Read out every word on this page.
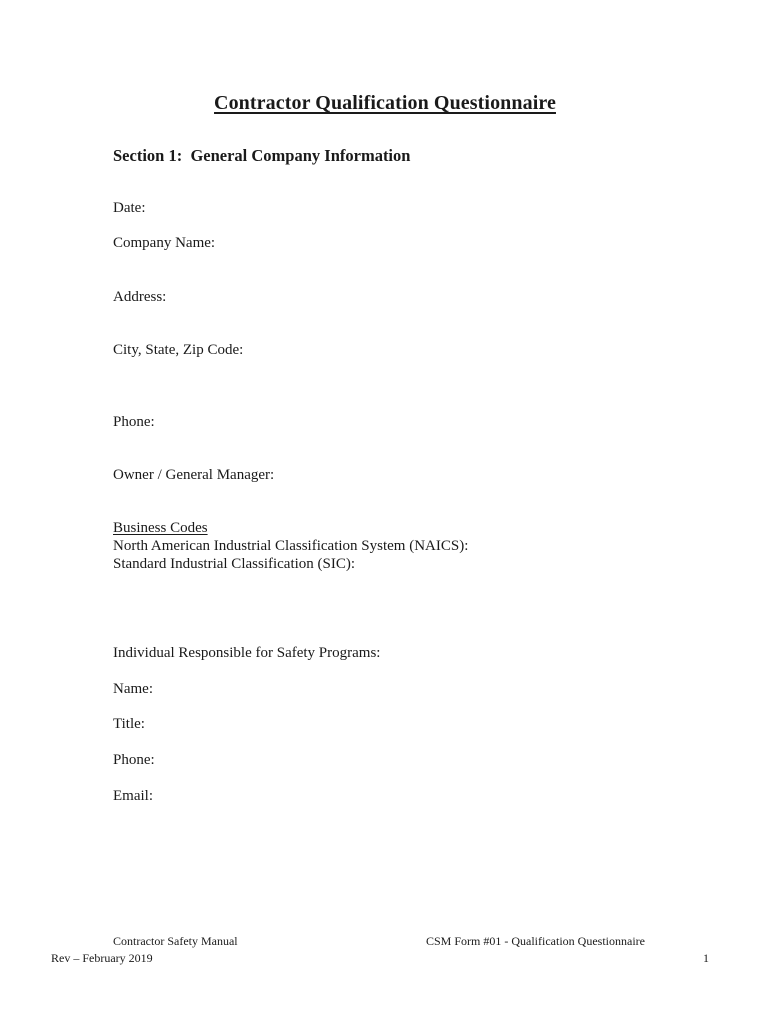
Contractor Qualification Questionnaire
Section 1:  General Company Information
Date:
Company Name:
Address:
City, State, Zip Code:
Phone:
Owner / General Manager:
Business Codes
North American Industrial Classification System (NAICS):
Standard Industrial Classification (SIC):
Individual Responsible for Safety Programs:
Name:
Title:
Phone:
Email:
Contractor Safety Manual	CSM Form #01 - Qualification Questionnaire
Rev – February 2019	1
